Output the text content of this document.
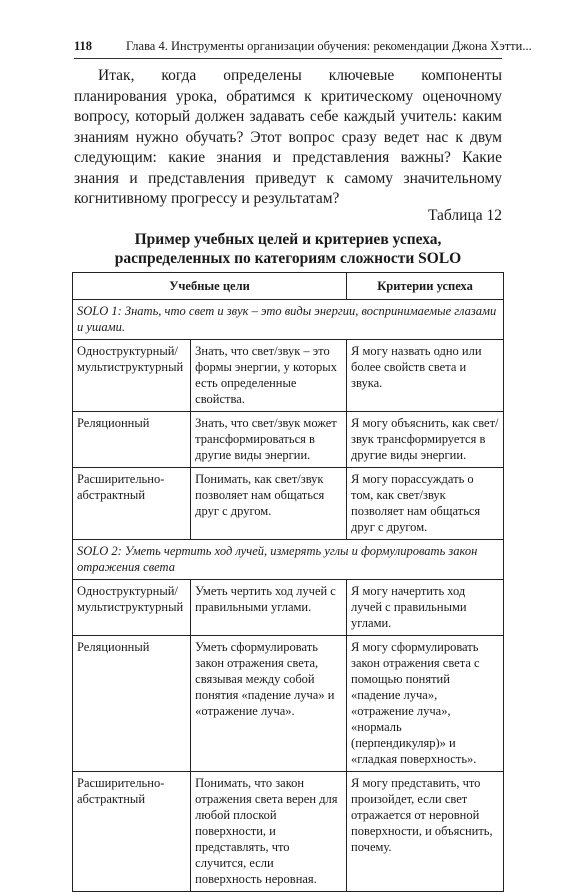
118	Глава 4. Инструменты организации обучения: рекомендации Джона Хэтти...

Итак, когда определены ключевые компоненты планирования урока, обратимся к критическому оценочному вопросу, который должен задавать себе каждый учитель: каким знаниям нужно обучать? Этот вопрос сразу ведет нас к двум следующим: какие знания и представления важны? Какие знания и представления приведут к самому значительному когнитивному прогрессу и результатам?

Таблица 12
Пример учебных целей и критериев успеха,
распределенных по категориям сложности SOLO
Учебные цели		Критерии успеха
SOLO 1: Знать, что свет и звук – это виды энергии, воспринимаемые глазами и ушами.		
Одноструктурный/ мультиструктурный	Знать, что свет/звук – это формы энергии, у которых есть определенные свойства.	Я могу назвать одно или более свойств света и звука.
Реляционный	Знать, что свет/звук может трансформироваться в другие виды энергии.	Я могу объяснить, как свет/звук трансформируется в другие виды энергии.
Расширительно-абстрактный	Понимать, как свет/звук позволяет нам общаться друг с другом.	Я могу порассуждать о том, как свет/звук позволяет нам общаться друг с другом.
SOLO 2: Уметь чертить ход лучей, измерять углы и формулировать закон отражения света		
Одноструктурный/ мультиструктурный	Уметь чертить ход лучей с правильными углами.	Я могу начертить ход лучей с правильными углами.
Реляционный	Уметь сформулировать закон отражения света, связывая между собой понятия «падение луча» и «отражение луча».	Я могу сформулировать закон отражения света с помощью понятий «падение луча», «отражение луча», «нормаль (перпендикуляр)» и «гладкая поверхность».
Расширительно-абстрактный	Понимать, что закон отражения света верен для любой плоской поверхности, и представлять, что случится, если поверхность неровная.	Я могу представить, что произойдет, если свет отражается от неровной поверхности, и объяснить, почему.
